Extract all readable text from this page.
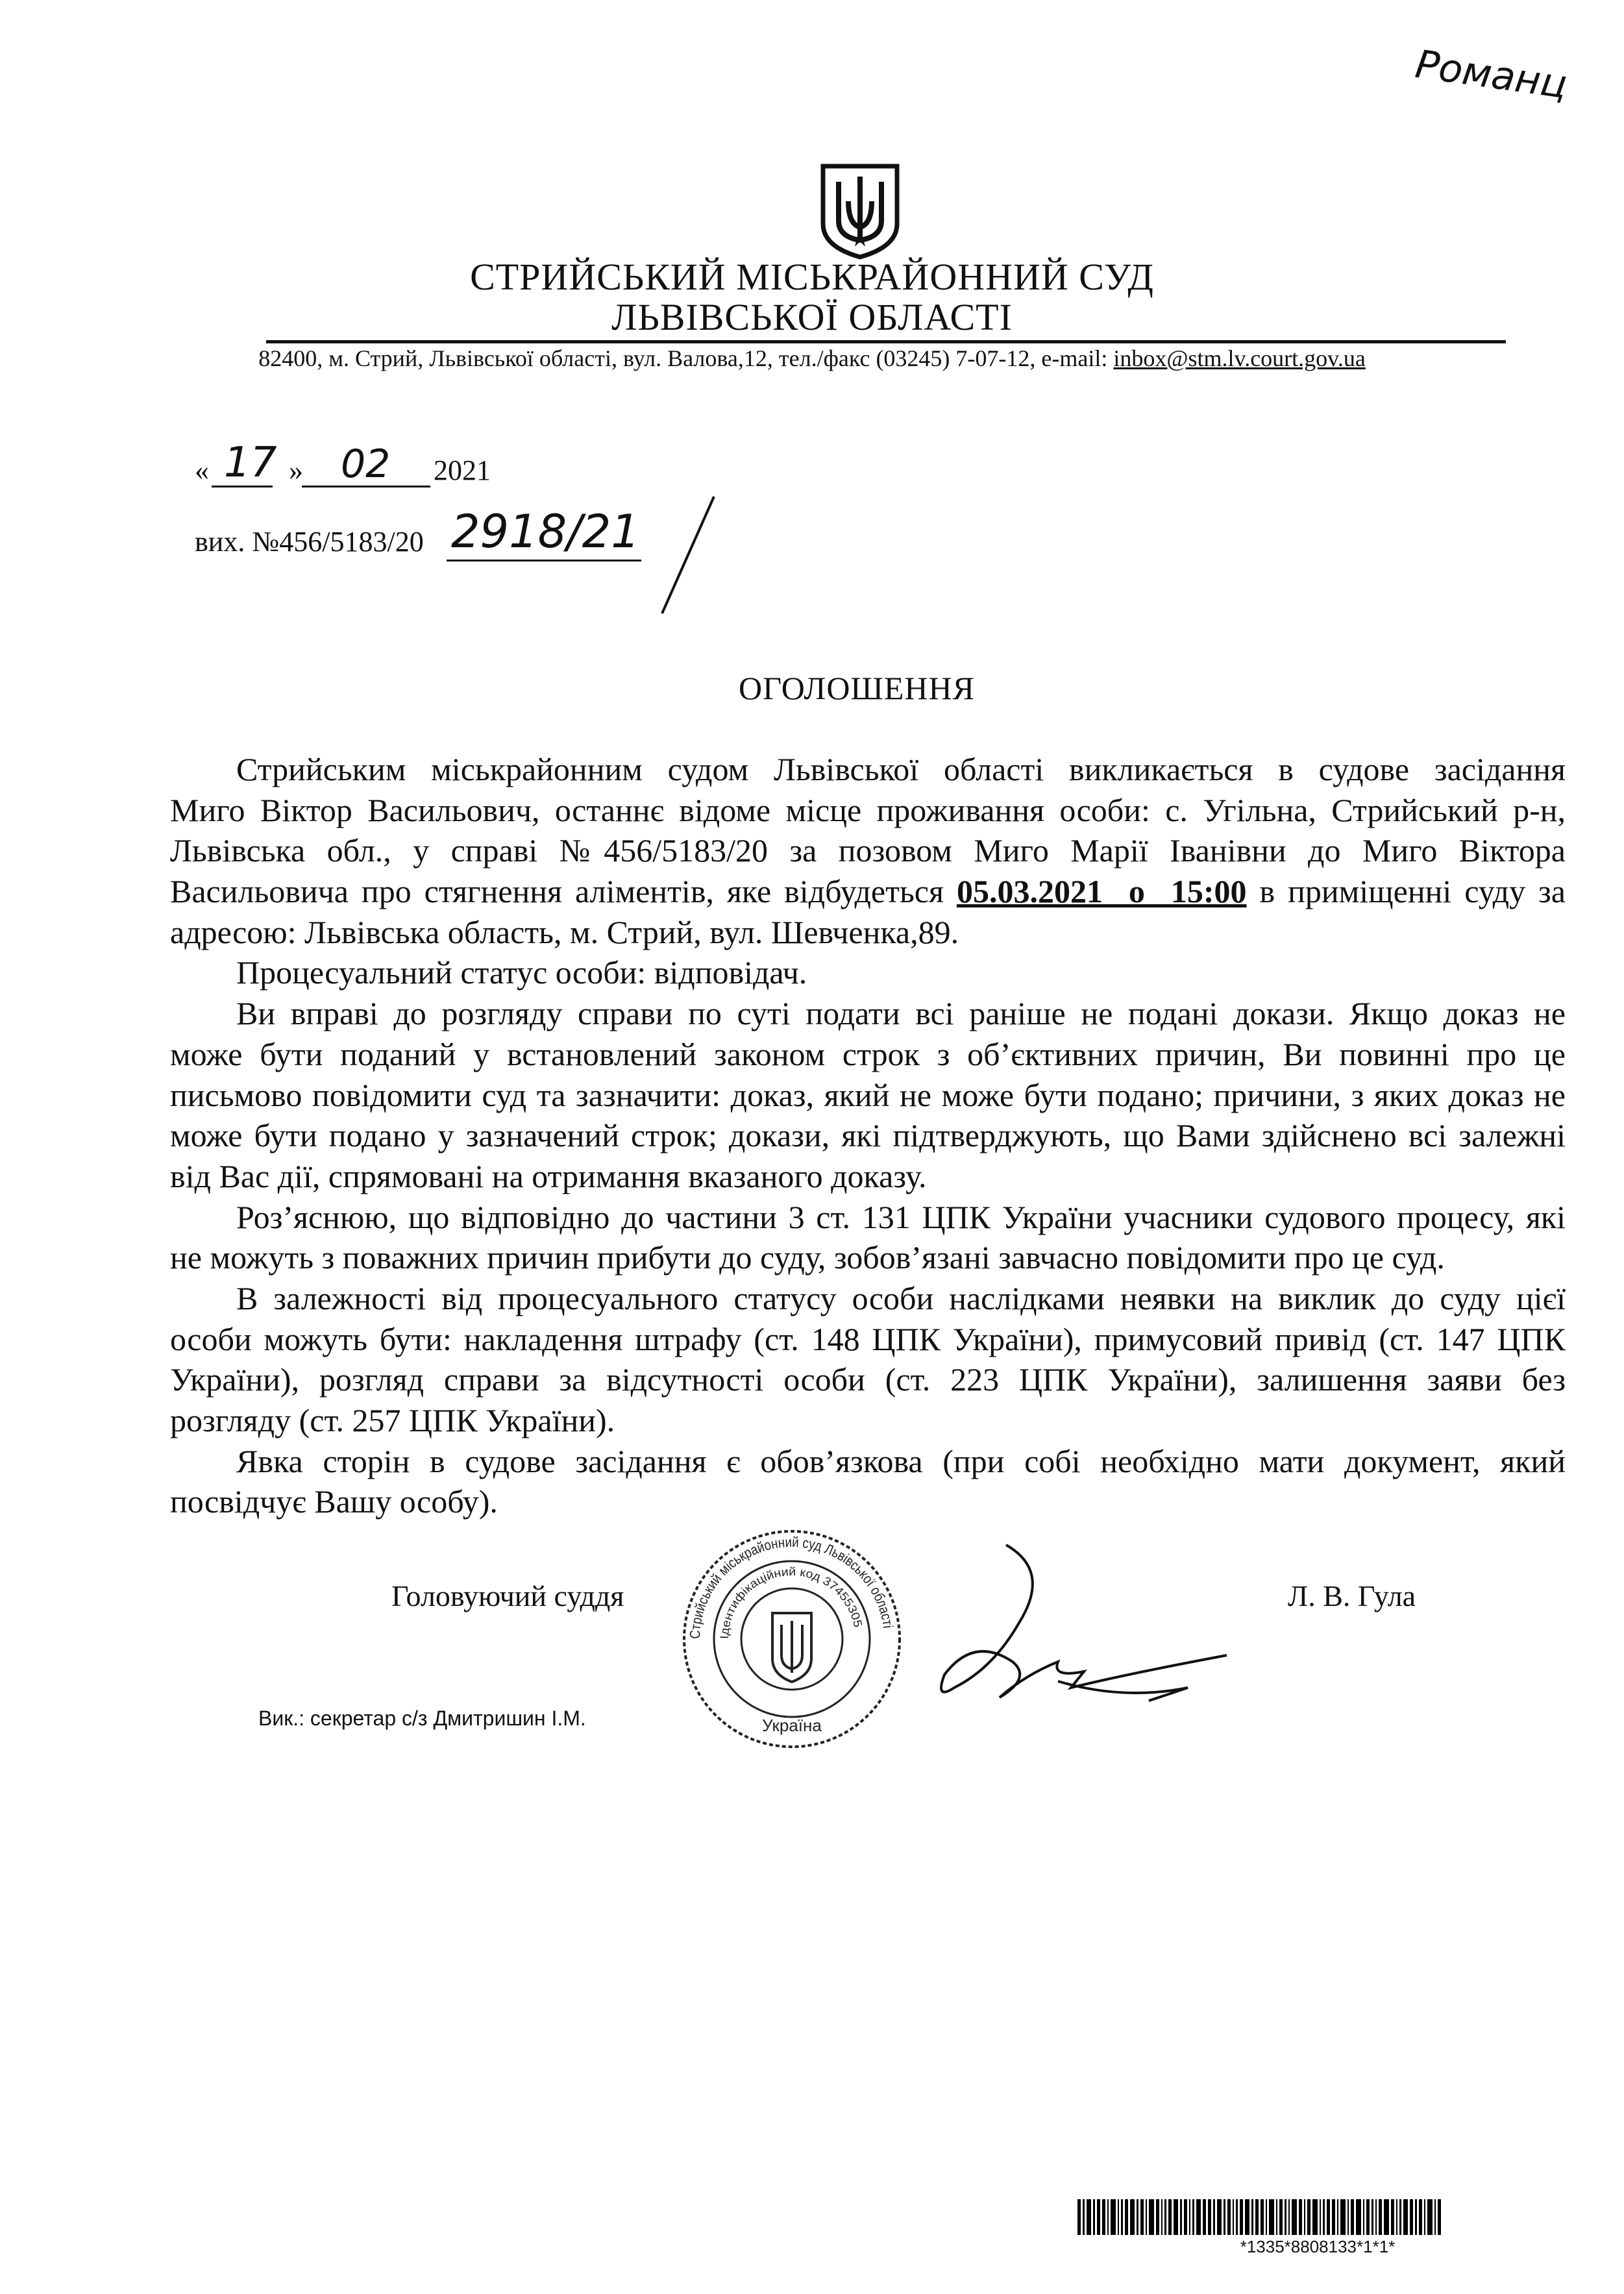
Романц
СТРИЙСЬКИЙ МІСЬКРАЙОННИЙ СУД
ЛЬВІВСЬКОЇ ОБЛАСТІ
82400, м. Стрий, Львівської області, вул. Валова,12, тел./факс (03245) 7-07-12, e-mail: inbox@stm.lv.court.gov.ua
« 17 » 02 2021
вих. №456/5183/20 2918/21
ОГОЛОШЕННЯ
Стрийським міськрайонним судом Львівської області викликається в судове засідання
Миго Віктор Васильович, останнє відоме місце проживання особи: с. Угільна, Стрийський р-н,
Львівська обл., у справі №456/5183/20 за позовом Миго Марії Іванівни до Миго Віктора
Васильовича про стягнення аліментів, яке відбудеться 05.03.2021  о  15:00 в приміщенні суду за
адресою: Львівська область, м. Стрий, вул. Шевченка,89.
Процесуальний статус особи: відповідач.
Ви вправі до розгляду справи по суті подати всі раніше не подані докази. Якщо доказ не
може бути поданий у встановлений законом строк з об’єктивних причин, Ви повинні про це
письмово повідомити суд та зазначити: доказ, який не може бути подано; причини, з яких доказ не
може бути подано у зазначений строк; докази, які підтверджують, що Вами здійснено всі залежні
від Вас дії, спрямовані на отримання вказаного доказу.
Роз’яснюю, що відповідно до частини 3 ст. 131 ЦПК України учасники судового процесу, які
не можуть з поважних причин прибути до суду, зобов’язані завчасно повідомити про це суд.
В залежності від процесуального статусу особи наслідками неявки на виклик до суду цієї
особи можуть бути: накладення штрафу (ст. 148 ЦПК України), примусовий привід (ст. 147 ЦПК
України), розгляд справи за відсутності особи (ст. 223 ЦПК України), залишення заяви без
розгляду (ст. 257 ЦПК України).
Явка сторін в судове засідання є обов’язкова (при собі необхідно мати документ, який
посвідчує Вашу особу).
Головуючий суддя	Л. В. Гула
Стрийський міськрайонний суд Львівської області
Ідентифікаційний код 37455305
Україна
Вик.: секретар с/з Дмитришин І.М.
*1335*8808133*1*1*
